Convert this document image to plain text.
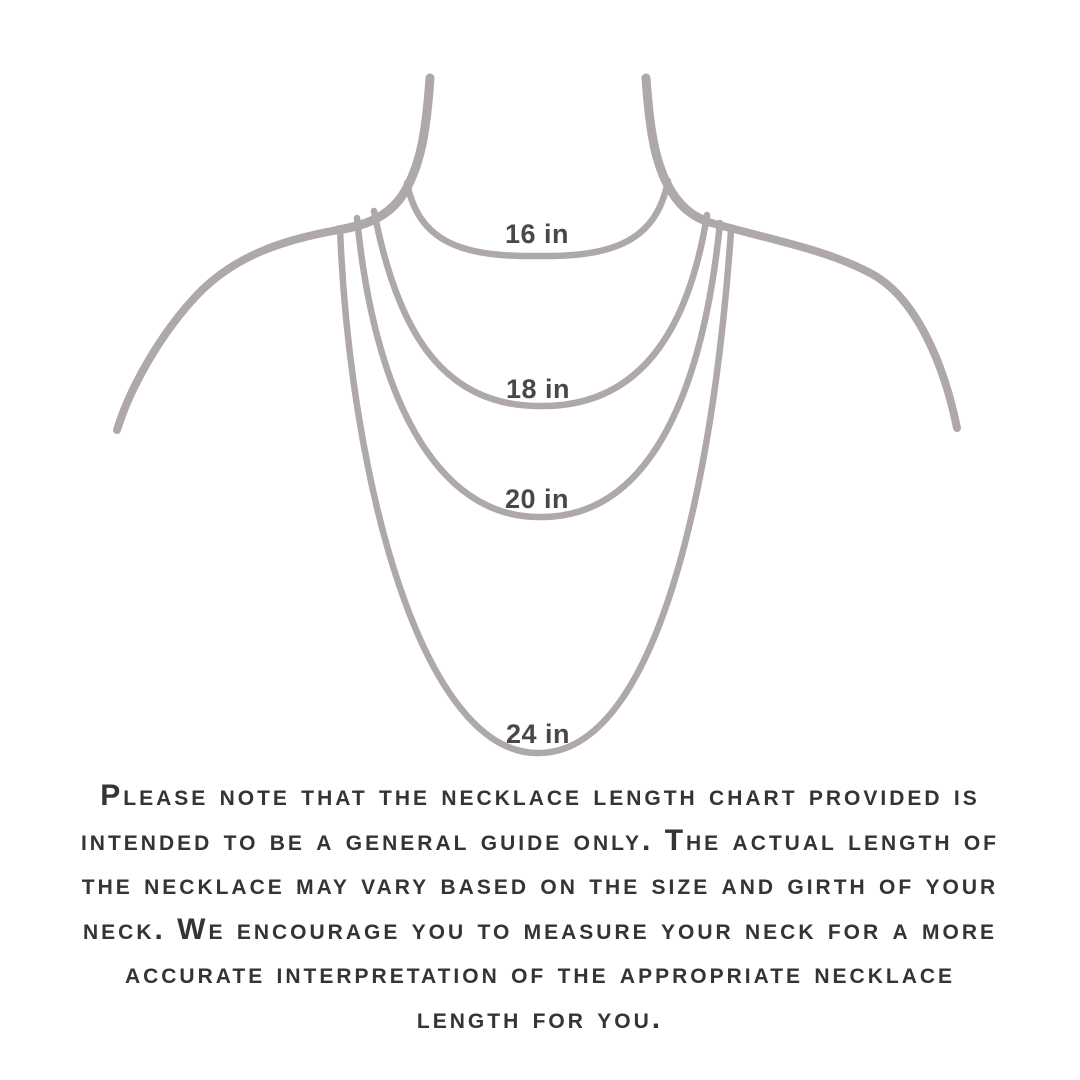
16 in
18 in
20 in
24 in
Please note that the necklace length chart provided is
intended to be a general guide only. The actual length of
the necklace may vary based on the size and girth of your
neck. We encourage you to measure your neck for a more
accurate interpretation of the appropriate necklace
length for you.
